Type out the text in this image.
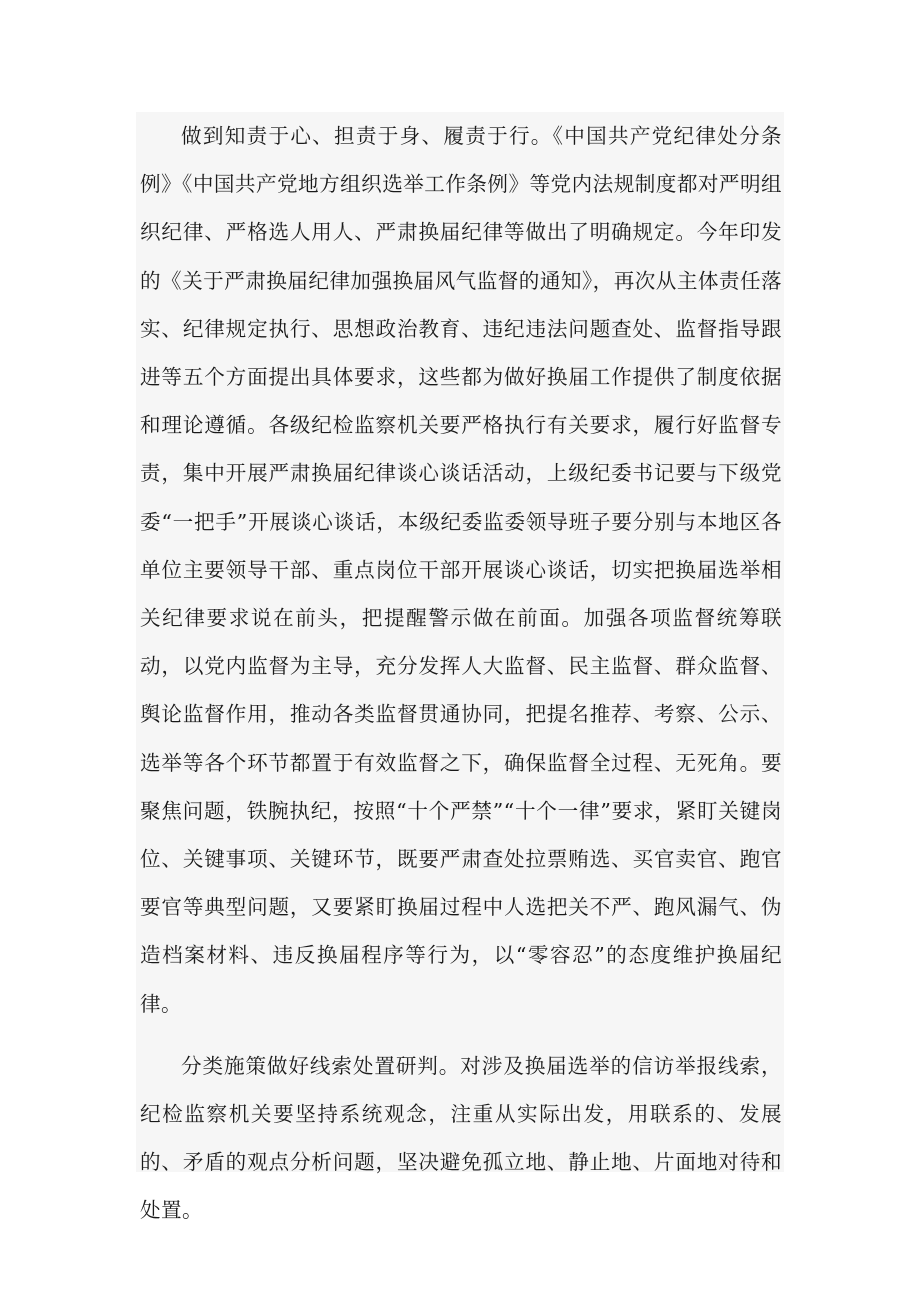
做到知责于心、担责于身、履责于行。《中国共产党纪律处分条例》《中国共产党地方组织选举工作条例》等党内法规制度都对严明组织纪律、严格选人用人、严肃换届纪律等做出了明确规定。今年印发的《关于严肃换届纪律加强换届风气监督的通知》，再次从主体责任落实、纪律规定执行、思想政治教育、违纪违法问题查处、监督指导跟进等五个方面提出具体要求，这些都为做好换届工作提供了制度依据和理论遵循。各级纪检监察机关要严格执行有关要求，履行好监督专责，集中开展严肃换届纪律谈心谈话活动，上级纪委书记要与下级党委“一把手”开展谈心谈话，本级纪委监委领导班子要分别与本地区各单位主要领导干部、重点岗位干部开展谈心谈话，切实把换届选举相关纪律要求说在前头，把提醒警示做在前面。加强各项监督统筹联动，以党内监督为主导，充分发挥人大监督、民主监督、群众监督、舆论监督作用，推动各类监督贯通协同，把提名推荐、考察、公示、选举等各个环节都置于有效监督之下，确保监督全过程、无死角。要聚焦问题，铁腕执纪，按照“十个严禁”“十个一律”要求，紧盯关键岗位、关键事项、关键环节，既要严肃查处拉票贿选、买官卖官、跑官要官等典型问题，又要紧盯换届过程中人选把关不严、跑风漏气、伪造档案材料、违反换届程序等行为，以“零容忍”的态度维护换届纪律。

分类施策做好线索处置研判。对涉及换届选举的信访举报线索，纪检监察机关要坚持系统观念，注重从实际出发，用联系的、发展的、矛盾的观点分析问题，坚决避免孤立地、静止地、片面地对待和处置。
